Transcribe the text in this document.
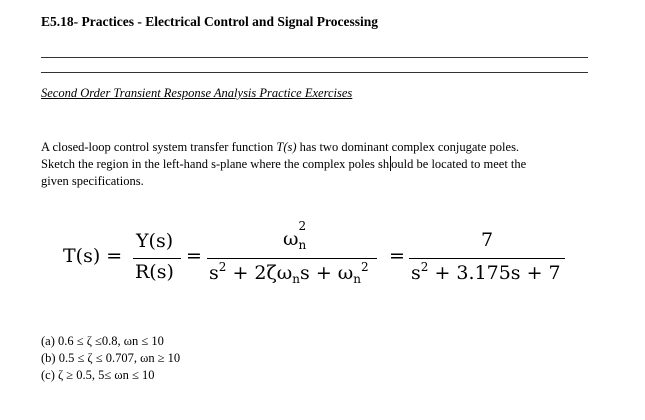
E5.18- Practices - Electrical Control and Signal Processing
Second Order Transient Response Analysis Practice Exercises

A closed-loop control system transfer function T(s) has two dominant complex conjugate poles.

Sketch the region in the left-hand s-plane where the complex poles sh ould be located to meet the

given specifications.

T(s) =
Y(s)
R(s)
=
ω
2
$_n$
$s^2 + 2\zeta\omega_ns + \omega_n^2$ =
7
$s^2 + 3.175s + 7$
(a) 0.6 ≤ ζ ≤0.8, ωn ≤ 10
(b) 0.5 ≤ ζ ≤ 0.707, ωn ≥ 10
(c) ζ ≥ 0.5, 5≤ ωn ≤ 10
